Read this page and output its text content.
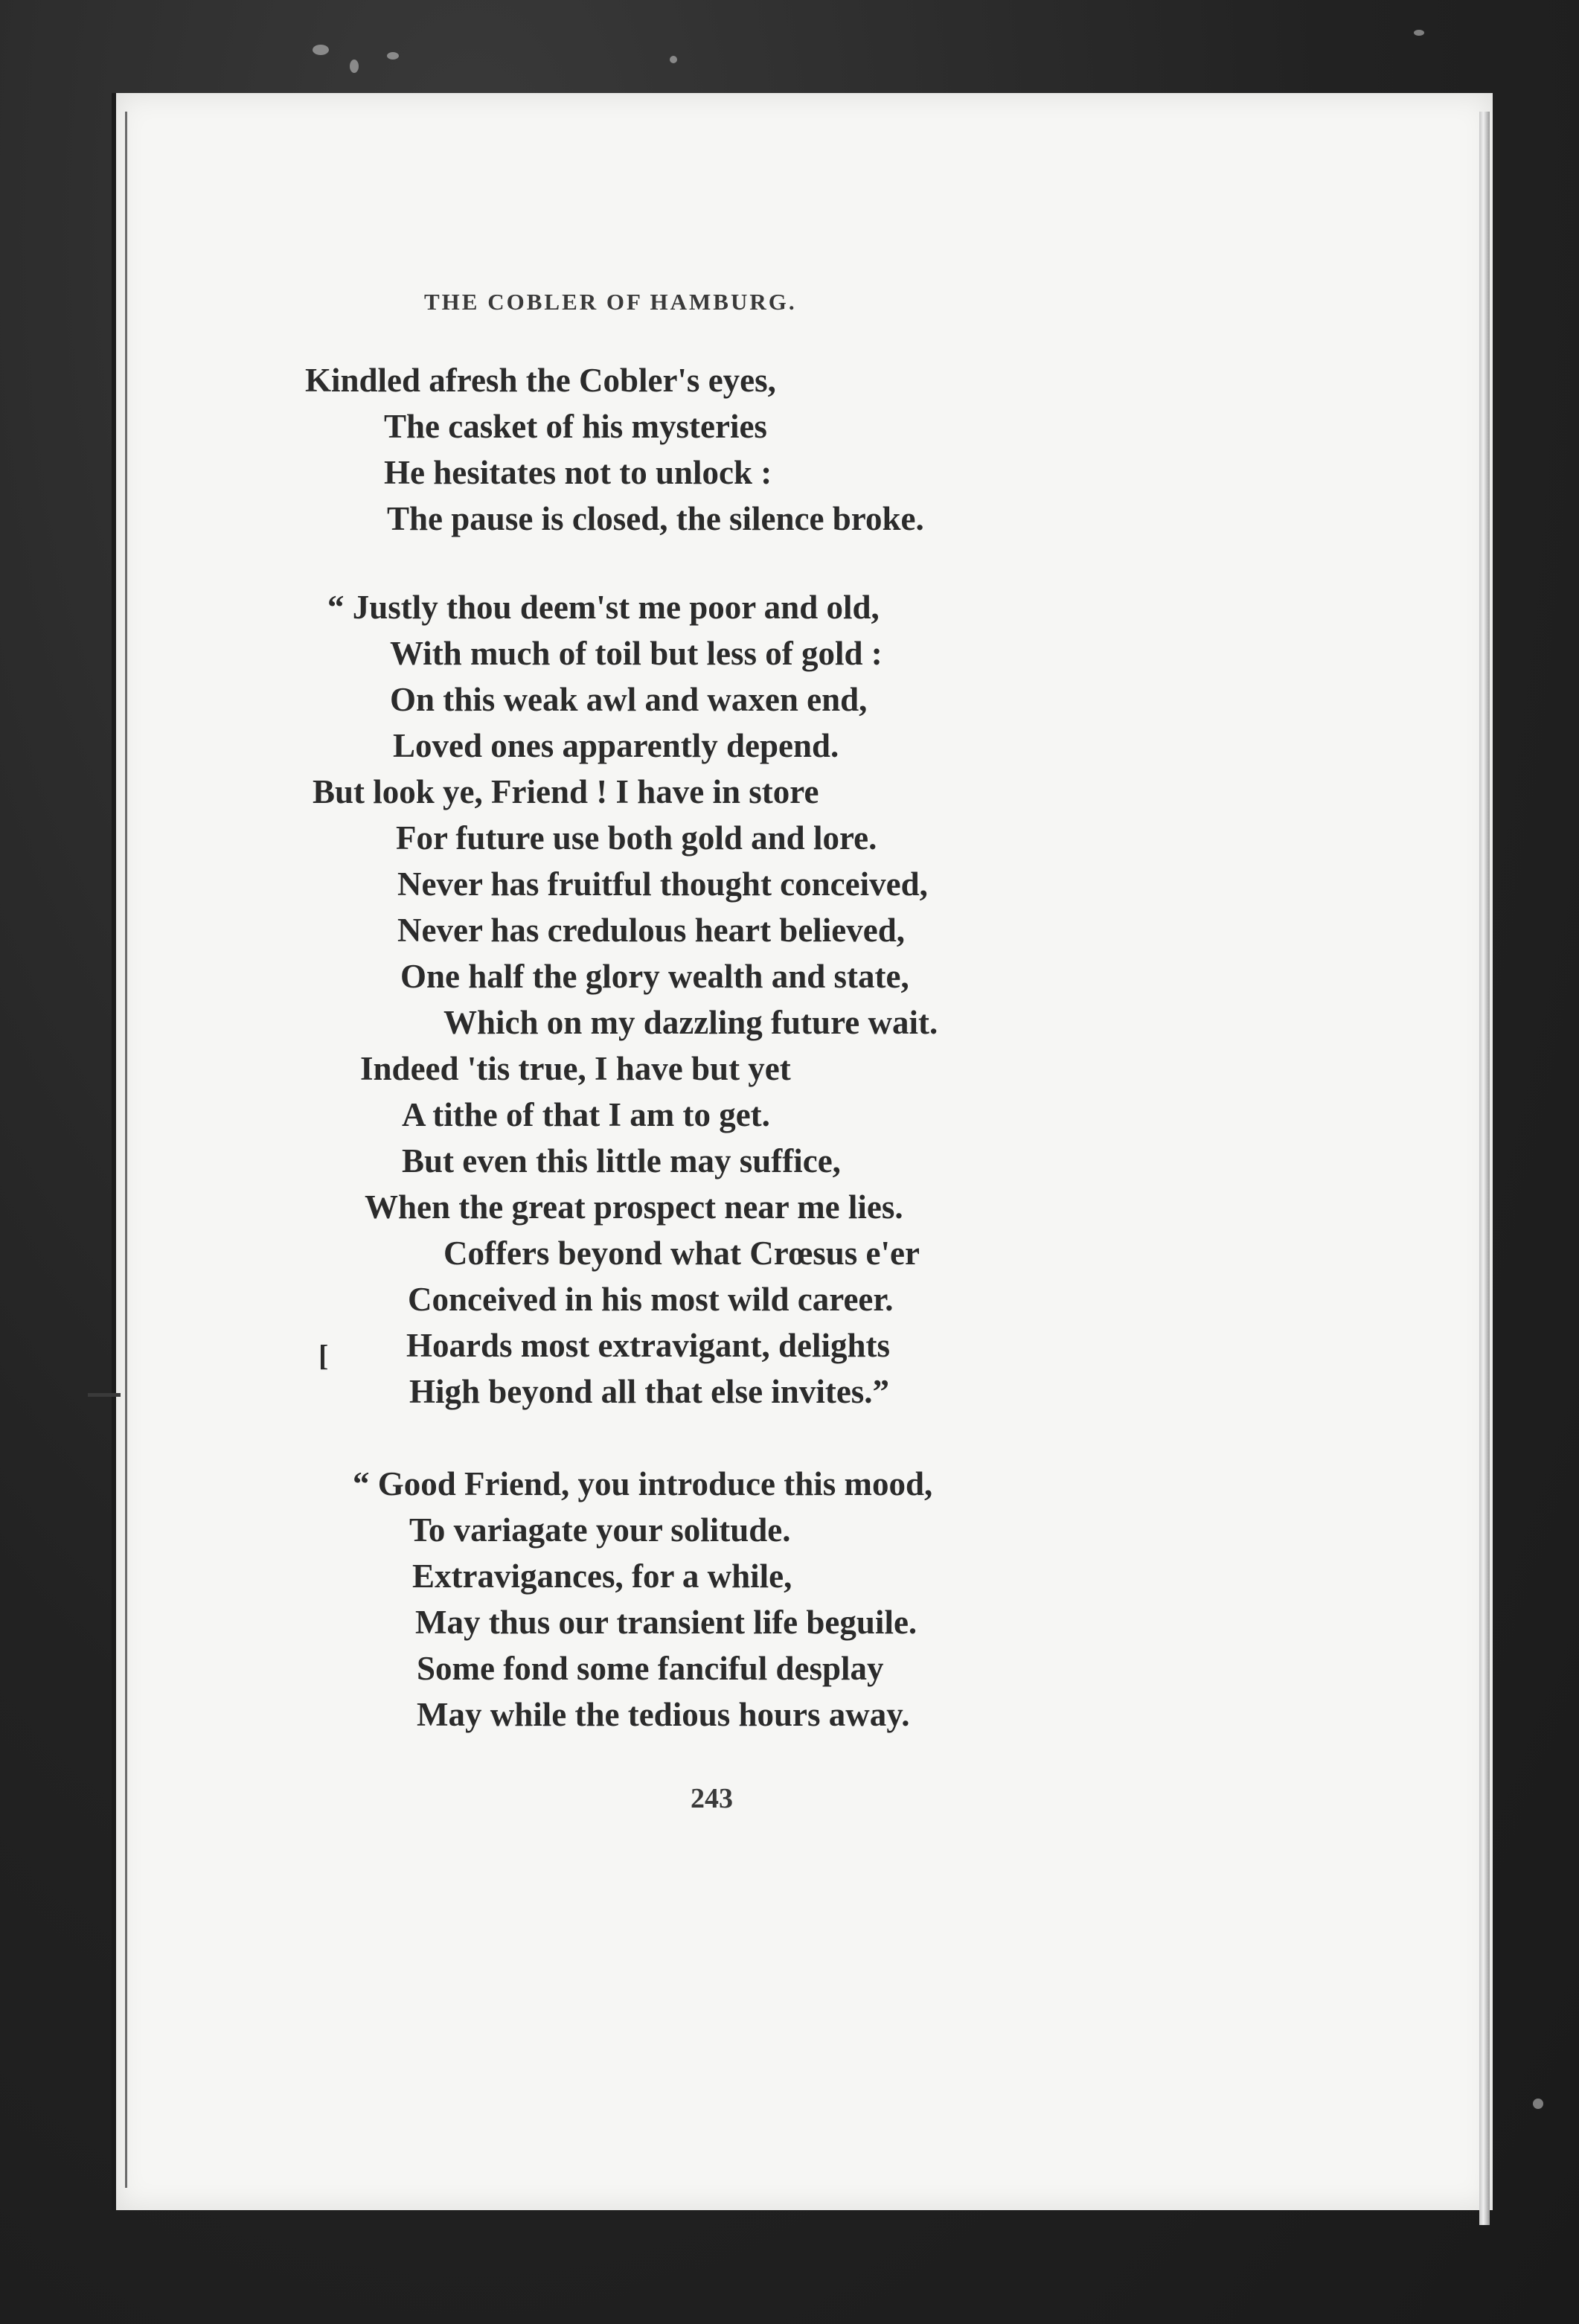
THE COBLER OF HAMBURG.
Kindled afresh the Cobler's eyes,
The casket of his mysteries
He hesitates not to unlock :
The pause is closed, the silence broke.
“ Justly thou deem'st me poor and old,
With much of toil but less of gold :
On this weak awl and waxen end,
Loved ones apparently depend.
But look ye, Friend ! I have in store
For future use both gold and lore.
Never has fruitful thought conceived,
Never has credulous heart believed,
One half the glory wealth and state,
Which on my dazzling future wait.
Indeed 'tis true, I have but yet
A tithe of that I am to get.
But even this little may suffice,
When the great prospect near me lies.
Coffers beyond what Crœsus e'er
Conceived in his most wild career.
[ Hoards most extravigant, delights
High beyond all that else invites.”
“ Good Friend, you introduce this mood,
To variagate your solitude.
Extravigances, for a while,
May thus our transient life beguile.
Some fond some fanciful desplay
May while the tedious hours away.
243
